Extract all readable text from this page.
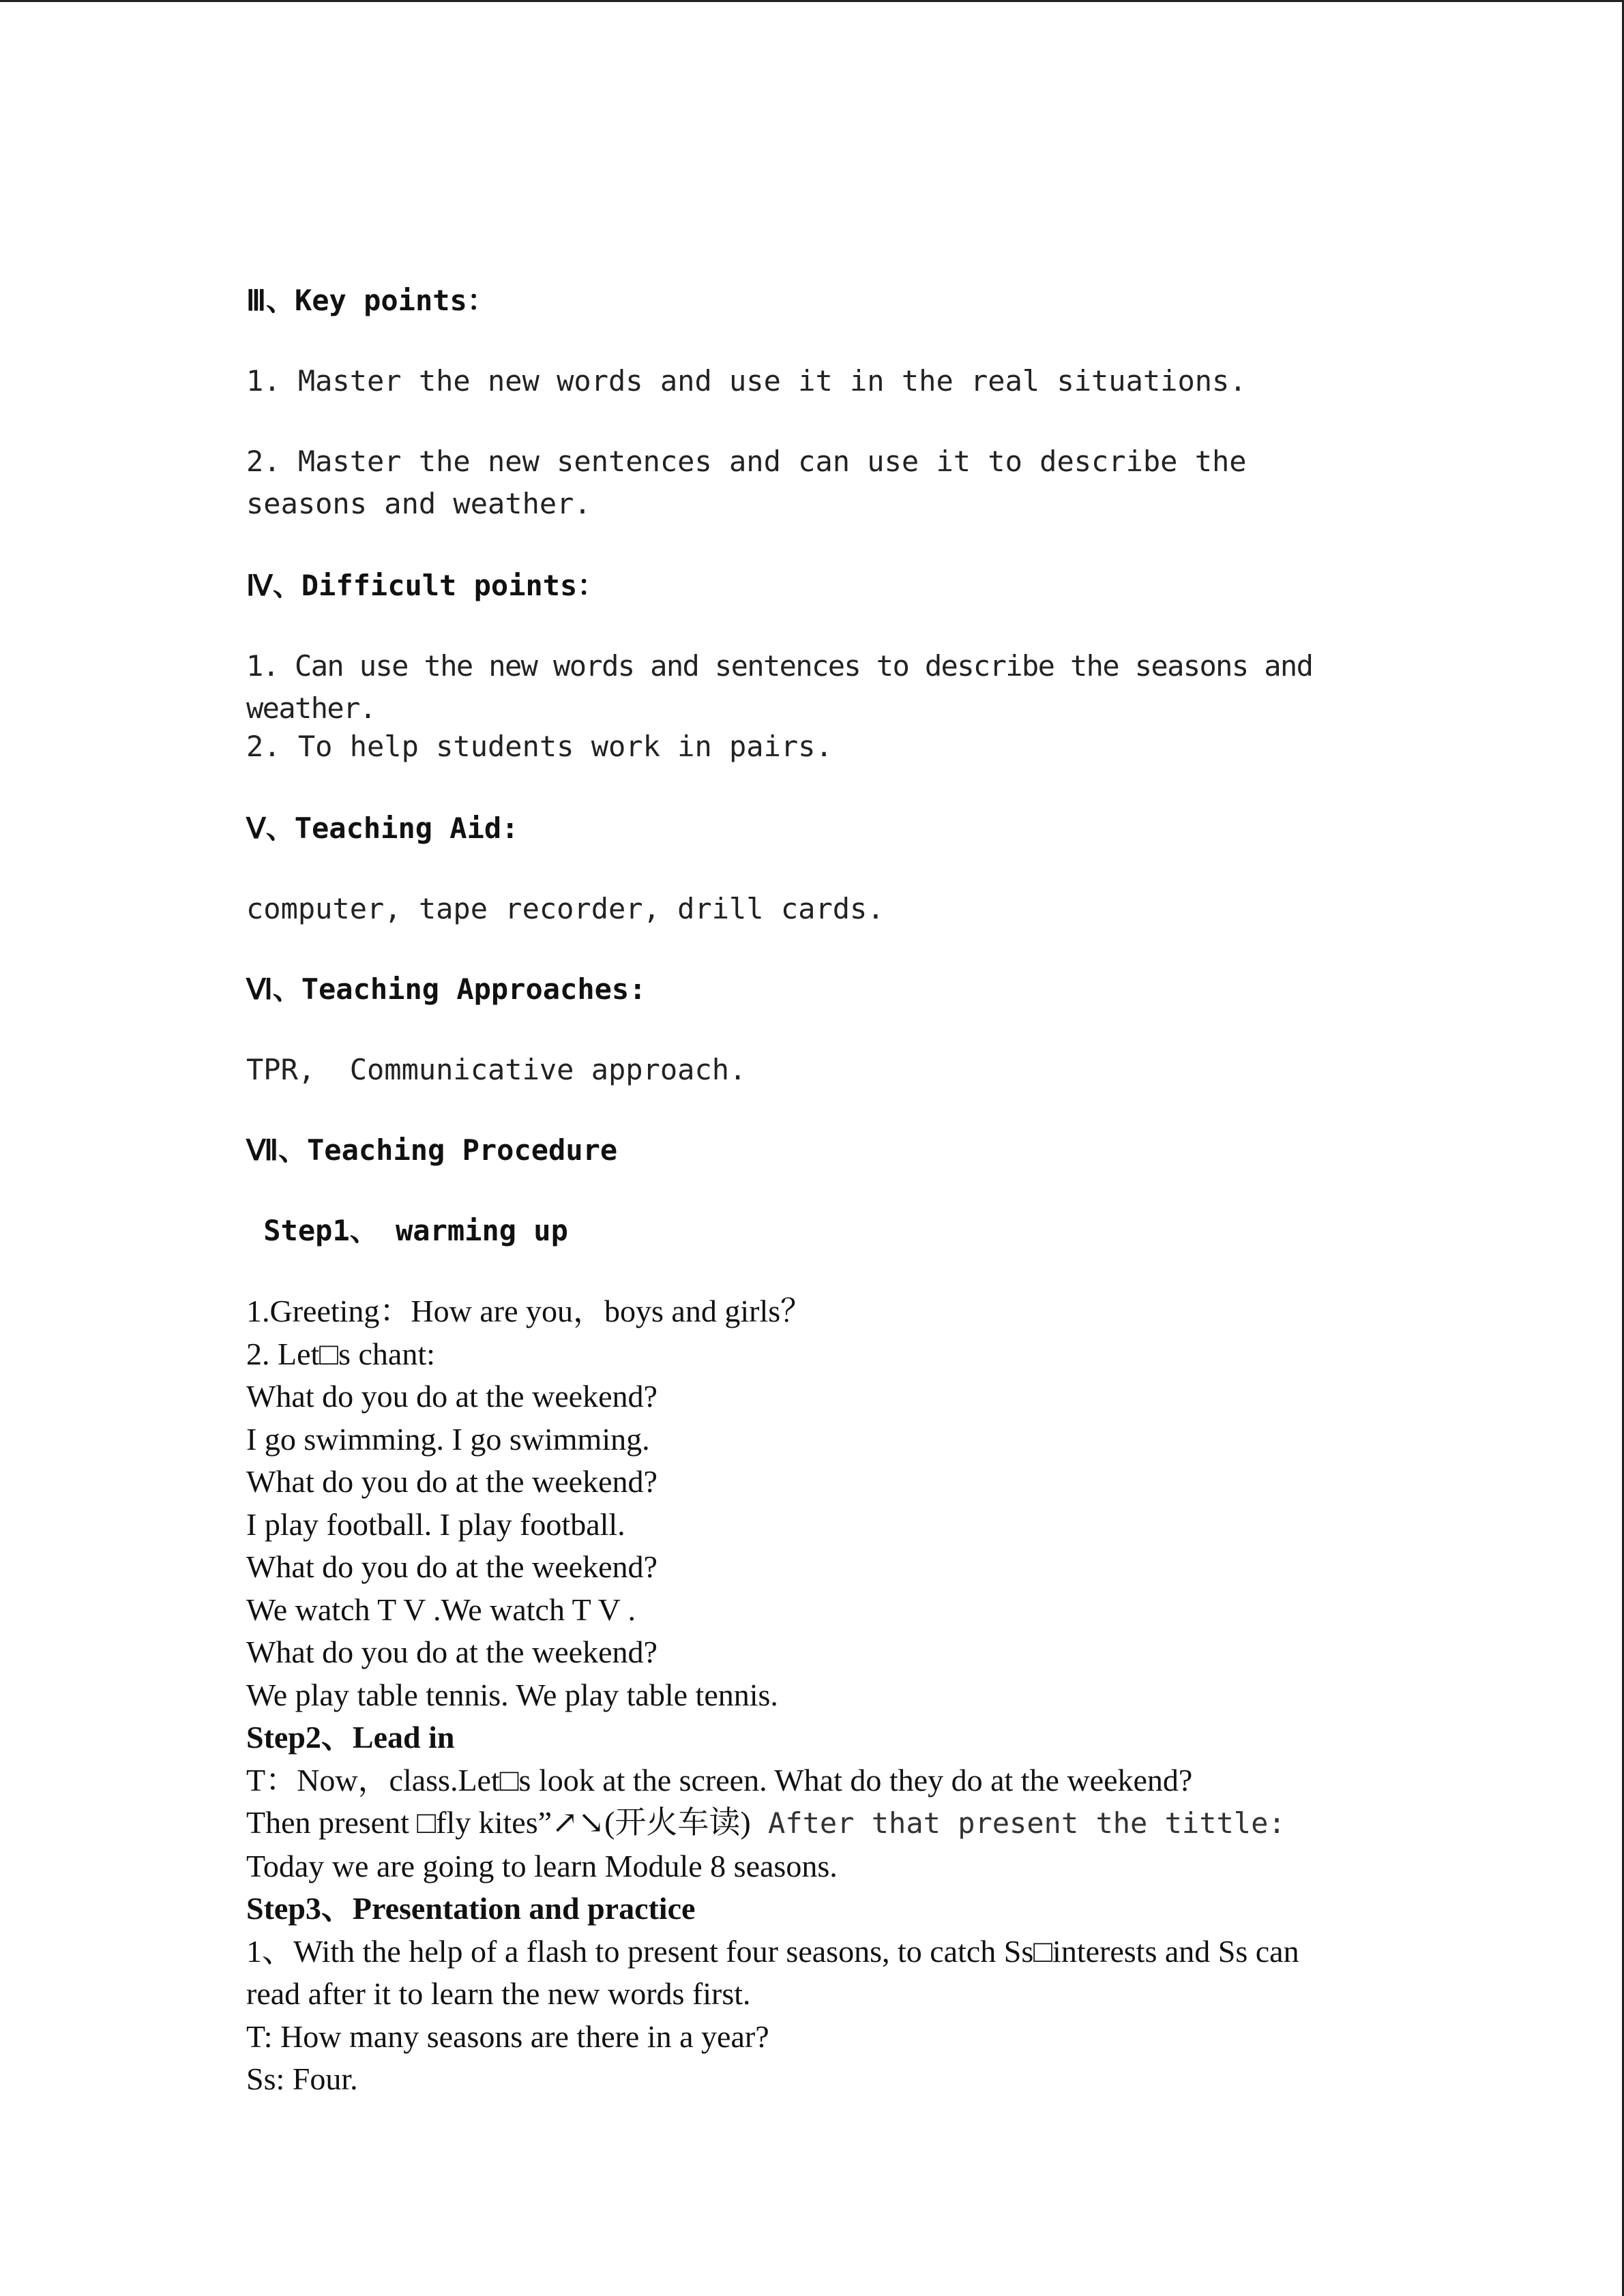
Ⅲ、Key points：

1. Master the new words and use it in the real situations.

2. Master the new sentences and can use it to describe the seasons and weather.

Ⅳ、Difficult points：

1. Can use the new words and sentences to describe the seasons and weather.

2. To help students work in pairs.

Ⅴ、Teaching Aid:

computer, tape recorder, drill cards.

Ⅵ、Teaching Approaches:

TPR,  Communicative approach.

Ⅶ、Teaching Procedure

Step1、 warming up

1.Greeting：How are you，boys and girls？

2. Let□s chant:

What do you do at the weekend?

I go swimming. I go swimming.

What do you do at the weekend?

I play football. I play football.

What do you do at the weekend?

We watch T V .We watch T V .

What do you do at the weekend?

We play table tennis. We play table tennis.

Step2、Lead in

T：Now，class.Let□s look at the screen. What do they do at the weekend?

Then present □fly kites”↗↘(开火车读) After that present the tittle:

Today we are going to learn Module 8 seasons.

Step3、Presentation and practice

1、With the help of a flash to present four seasons, to catch Ss□interests and Ss can

read after it to learn the new words first.

T: How many seasons are there in a year?

Ss: Four.
